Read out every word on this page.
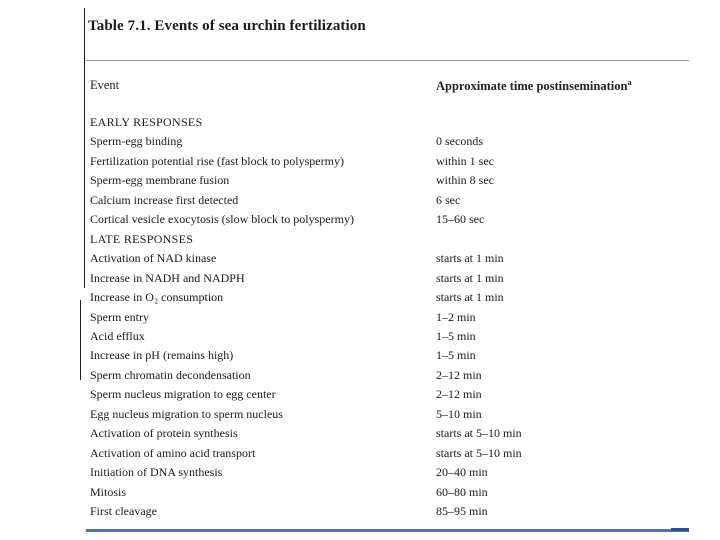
Table 7.1. Events of sea urchin fertilization
Event	Approximate time postinsemination$^a$
EARLY RESPONSES
Sperm-egg binding	0 seconds
Fertilization potential rise (fast block to polyspermy)	within 1 sec
Sperm-egg membrane fusion	within 8 sec
Calcium increase first detected	6 sec
Cortical vesicle exocytosis (slow block to polyspermy)	15–60 sec
LATE RESPONSES
Activation of NAD kinase	starts at 1 min
Increase in NADH and NADPH	starts at 1 min
Increase in O₂ consumption	starts at 1 min
Sperm entry	1–2 min
Acid efflux	1–5 min
Increase in pH (remains high)	1–5 min
Sperm chromatin decondensation	2–12 min
Sperm nucleus migration to egg center	2–12 min
Egg nucleus migration to sperm nucleus	5–10 min
Activation of protein synthesis	starts at 5–10 min
Activation of amino acid transport	starts at 5–10 min
Initiation of DNA synthesis	20–40 min
Mitosis	60–80 min
First cleavage	85–95 min
